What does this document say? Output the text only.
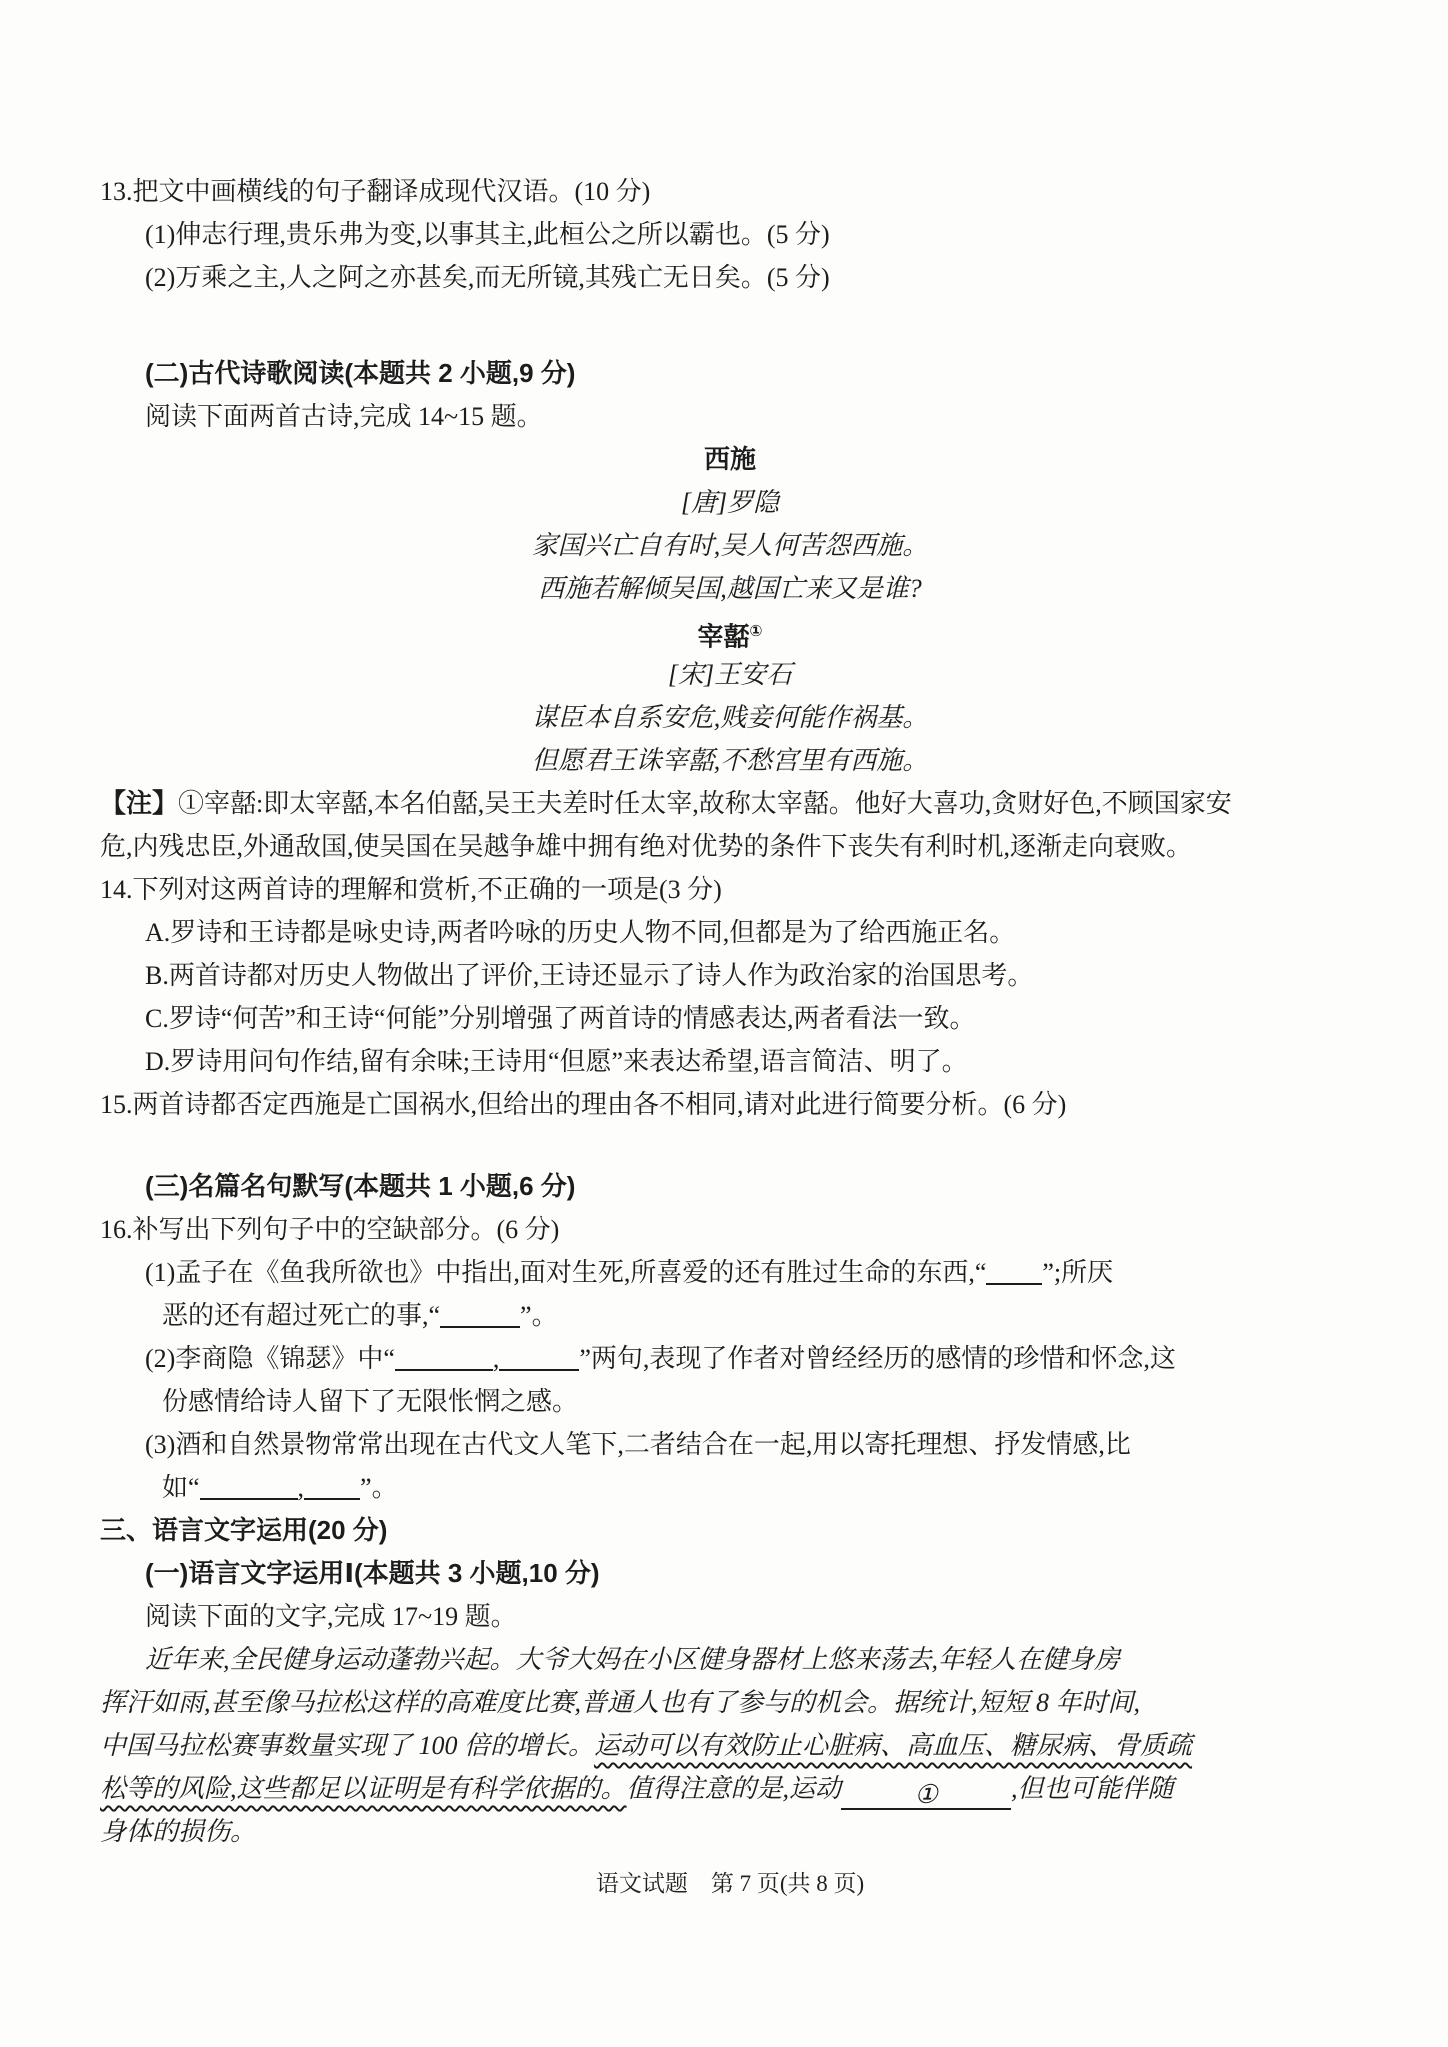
13.把文中画横线的句子翻译成现代汉语。(10 分)
(1)伸志行理,贵乐弗为变,以事其主,此桓公之所以霸也。(5 分)
(2)万乘之主,人之阿之亦甚矣,而无所镜,其残亡无日矣。(5 分)
(二)古代诗歌阅读(本题共 2 小题,9 分)
阅读下面两首古诗,完成 14~15 题。
西施
[唐]罗隐
家国兴亡自有时,吴人何苦怨西施。
西施若解倾吴国,越国亡来又是谁?
宰嚭①
[宋]王安石
谋臣本自系安危,贱妾何能作祸基。
但愿君王诛宰嚭,不愁宫里有西施。
【注】①宰嚭:即太宰嚭,本名伯嚭,吴王夫差时任太宰,故称太宰嚭。他好大喜功,贪财好色,不顾国家安
危,内残忠臣,外通敌国,使吴国在吴越争雄中拥有绝对优势的条件下丧失有利时机,逐渐走向衰败。
14.下列对这两首诗的理解和赏析,不正确的一项是(3 分)
A.罗诗和王诗都是咏史诗,两者吟咏的历史人物不同,但都是为了给西施正名。
B.两首诗都对历史人物做出了评价,王诗还显示了诗人作为政治家的治国思考。
C.罗诗“何苦”和王诗“何能”分别增强了两首诗的情感表达,两者看法一致。
D.罗诗用问句作结,留有余味;王诗用“但愿”来表达希望,语言简洁、明了。
15.两首诗都否定西施是亡国祸水,但给出的理由各不相同,请对此进行简要分析。(6 分)
(三)名篇名句默写(本题共 1 小题,6 分)
16.补写出下列句子中的空缺部分。(6 分)
(1)孟子在《鱼我所欲也》中指出,面对生死,所喜爱的还有胜过生命的东西,“ ”;所厌
恶的还有超过死亡的事,“	”。
(2)李商隐《锦瑟》中“	,	”两句,表现了作者对曾经经历的感情的珍惜和怀念,这
份感情给诗人留下了无限怅惘之感。
(3)酒和自然景物常常出现在古代文人笔下,二者结合在一起,用以寄托理想、抒发情感,比
如“	, ”。
三、语言文字运用(20 分)
(一)语言文字运用Ⅰ(本题共 3 小题,10 分)
阅读下面的文字,完成 17~19 题。
近年来,全民健身运动蓬勃兴起。大爷大妈在小区健身器材上悠来荡去,年轻人在健身房
挥汗如雨,甚至像马拉松这样的高难度比赛,普通人也有了参与的机会。据统计,短短 8 年时间,
中国马拉松赛事数量实现了 100 倍的增长。运动可以有效防止心脏病、高血压、糖尿病、骨质疏
松等的风险,这些都足以证明是有科学依据的。值得注意的是,运动	①	,但也可能伴随
身体的损伤。
语文试题　第 7 页(共 8 页)
